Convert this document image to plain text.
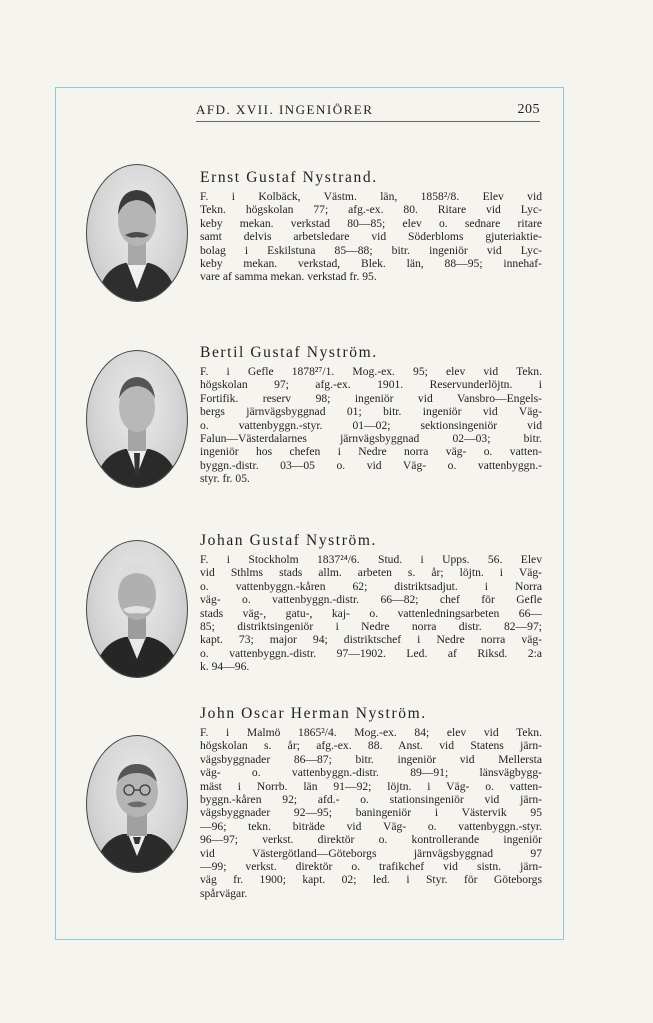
AFD. XVII. INGENIÖRER	205
Ernst Gustaf Nystrand.
F. i Kolbäck, Västm. län, 1858²/8. Elev vid
Tekn. högskolan 77; afg.-ex. 80. Ritare vid Lyc-
keby mekan. verkstad 80—85; elev o. sednare ritare
samt delvis arbetsledare vid Söderbloms gjuteriaktie-
bolag i Eskilstuna 85—88; bitr. ingeniör vid Lyc-
keby mekan. verkstad, Blek. län, 88—95; innehaf-
vare af samma mekan. verkstad fr. 95.
Bertil Gustaf Nyström.
F. i Gefle 1878²⁷/1. Mog.-ex. 95; elev vid Tekn.
högskolan 97; afg.-ex. 1901. Reservunderlöjtn. i
Fortifik. reserv 98; ingeniör vid Vansbro—Engels-
bergs järnvägsbyggnad 01; bitr. ingeniör vid Väg-
o. vattenbyggn.-styr. 01—02; sektionsingeniör vid
Falun—Västerdalarnes järnvägsbyggnad 02—03; bitr.
ingeniör hos chefen i Nedre norra väg- o. vatten-
byggn.-distr. 03—05 o. vid Väg- o. vattenbyggn.-
styr. fr. 05.
Johan Gustaf Nyström.
F. i Stockholm 1837²⁴/6. Stud. i Upps. 56. Elev
vid Sthlms stads allm. arbeten s. år; löjtn. i Väg-
o. vattenbyggn.-kåren 62; distriktsadjut. i Norra
väg- o. vattenbyggn.-distr. 66—82; chef för Gefle
stads väg-, gatu-, kaj- o. vattenledningsarbeten 66—
85; distriktsingeniör i Nedre norra distr. 82—97;
kapt. 73; major 94; distriktschef i Nedre norra väg-
o. vattenbyggn.-distr. 97—1902. Led. af Riksd. 2:a
k. 94—96.
John Oscar Herman Nyström.
F. i Malmö 1865²/4. Mog.-ex. 84; elev vid Tekn.
högskolan s. år; afg.-ex. 88. Anst. vid Statens järn-
vägsbyggnader 86—87; bitr. ingeniör vid Mellersta
väg- o. vattenbyggn.-distr. 89—91; länsvägbygg-
mäst i Norrb. län 91—92; löjtn. i Väg- o. vatten-
byggn.-kåren 92; afd.- o. stationsingeniör vid järn-
vägsbyggnader 92—95; baningeniör i Västervik 95
—96; tekn. biträde vid Väg- o. vattenbyggn.-styr.
96—97; verkst. direktör o. kontrollerande ingeniör
vid Västergötland—Göteborgs järnvägsbyggnad 97
—99; verkst. direktör o. trafikchef vid sistn. järn-
väg fr. 1900; kapt. 02; led. i Styr. för Göteborgs
spårvägar.
